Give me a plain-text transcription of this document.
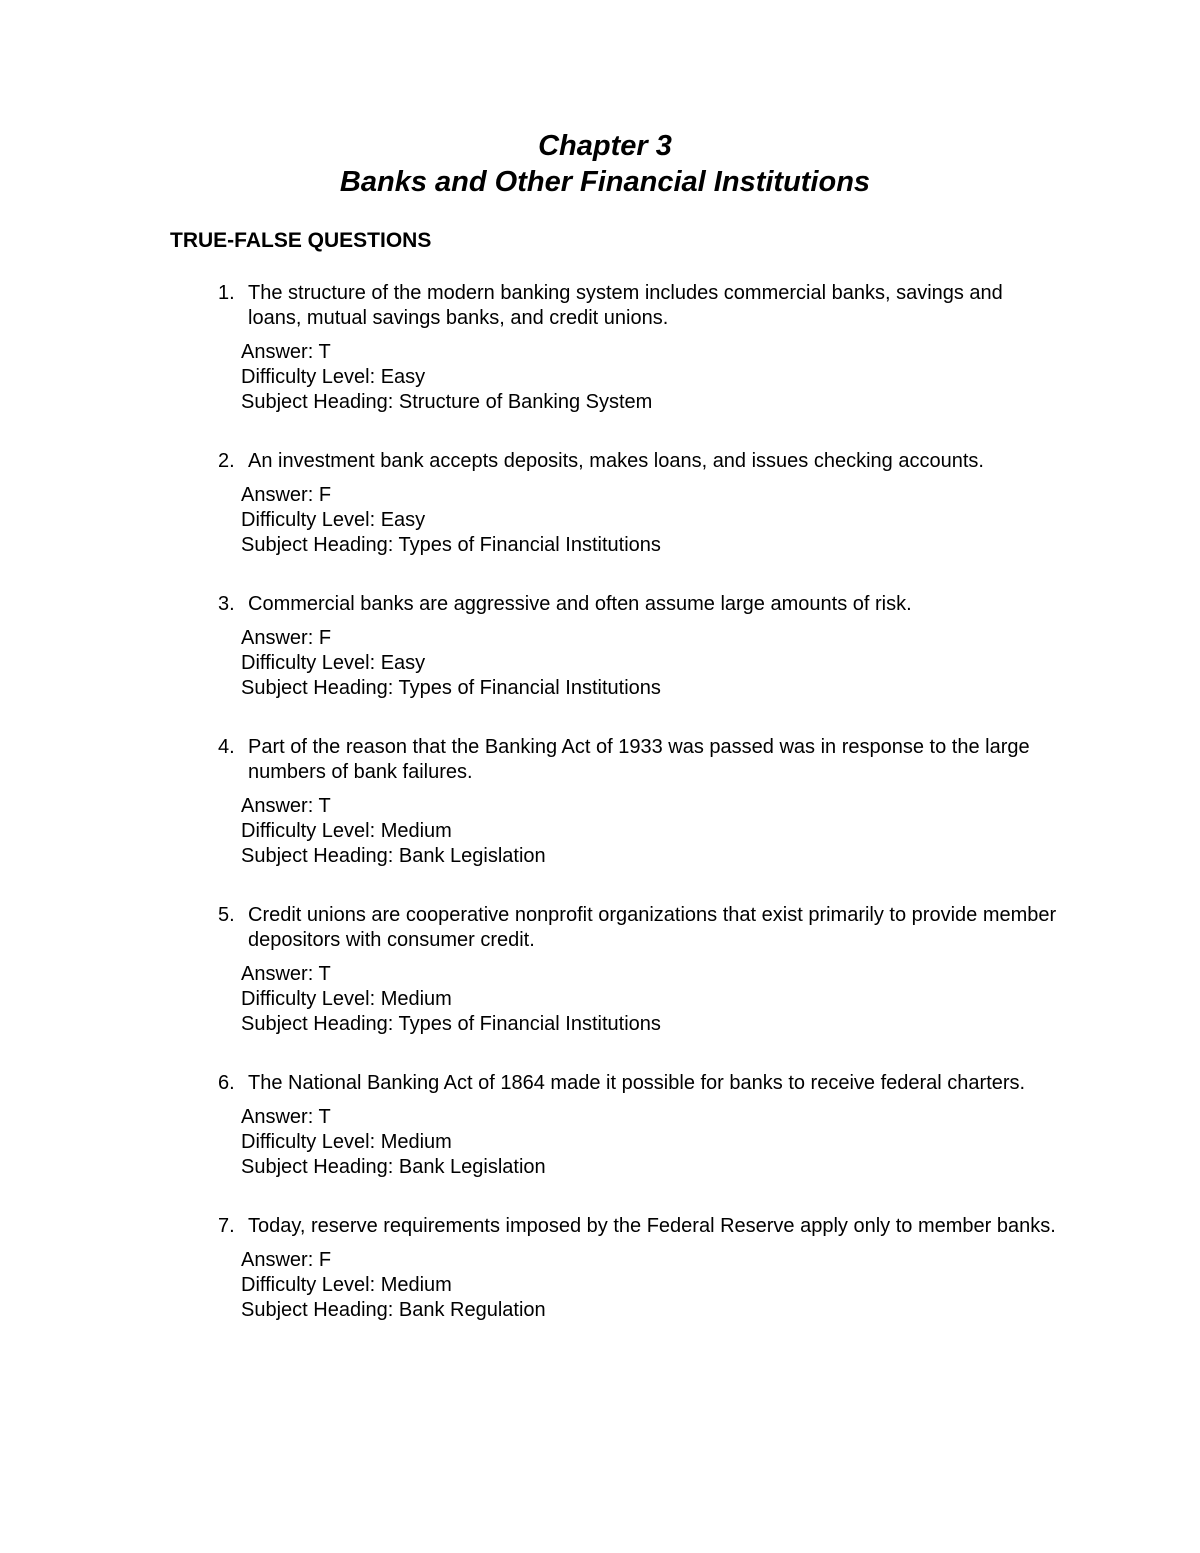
Chapter 3
Banks and Other Financial Institutions
TRUE-FALSE QUESTIONS
1. The structure of the modern banking system includes commercial banks, savings and loans, mutual savings banks, and credit unions.
Answer: T
Difficulty Level: Easy
Subject Heading: Structure of Banking System
2. An investment bank accepts deposits, makes loans, and issues checking accounts.
Answer: F
Difficulty Level: Easy
Subject Heading: Types of Financial Institutions
3. Commercial banks are aggressive and often assume large amounts of risk.
Answer: F
Difficulty Level: Easy
Subject Heading: Types of Financial Institutions
4. Part of the reason that the Banking Act of 1933 was passed was in response to the large numbers of bank failures.
Answer: T
Difficulty Level: Medium
Subject Heading: Bank Legislation
5. Credit unions are cooperative nonprofit organizations that exist primarily to provide member depositors with consumer credit.
Answer: T
Difficulty Level: Medium
Subject Heading: Types of Financial Institutions
6. The National Banking Act of 1864 made it possible for banks to receive federal charters.
Answer: T
Difficulty Level: Medium
Subject Heading: Bank Legislation
7. Today, reserve requirements imposed by the Federal Reserve apply only to member banks.
Answer: F
Difficulty Level: Medium
Subject Heading: Bank Regulation
